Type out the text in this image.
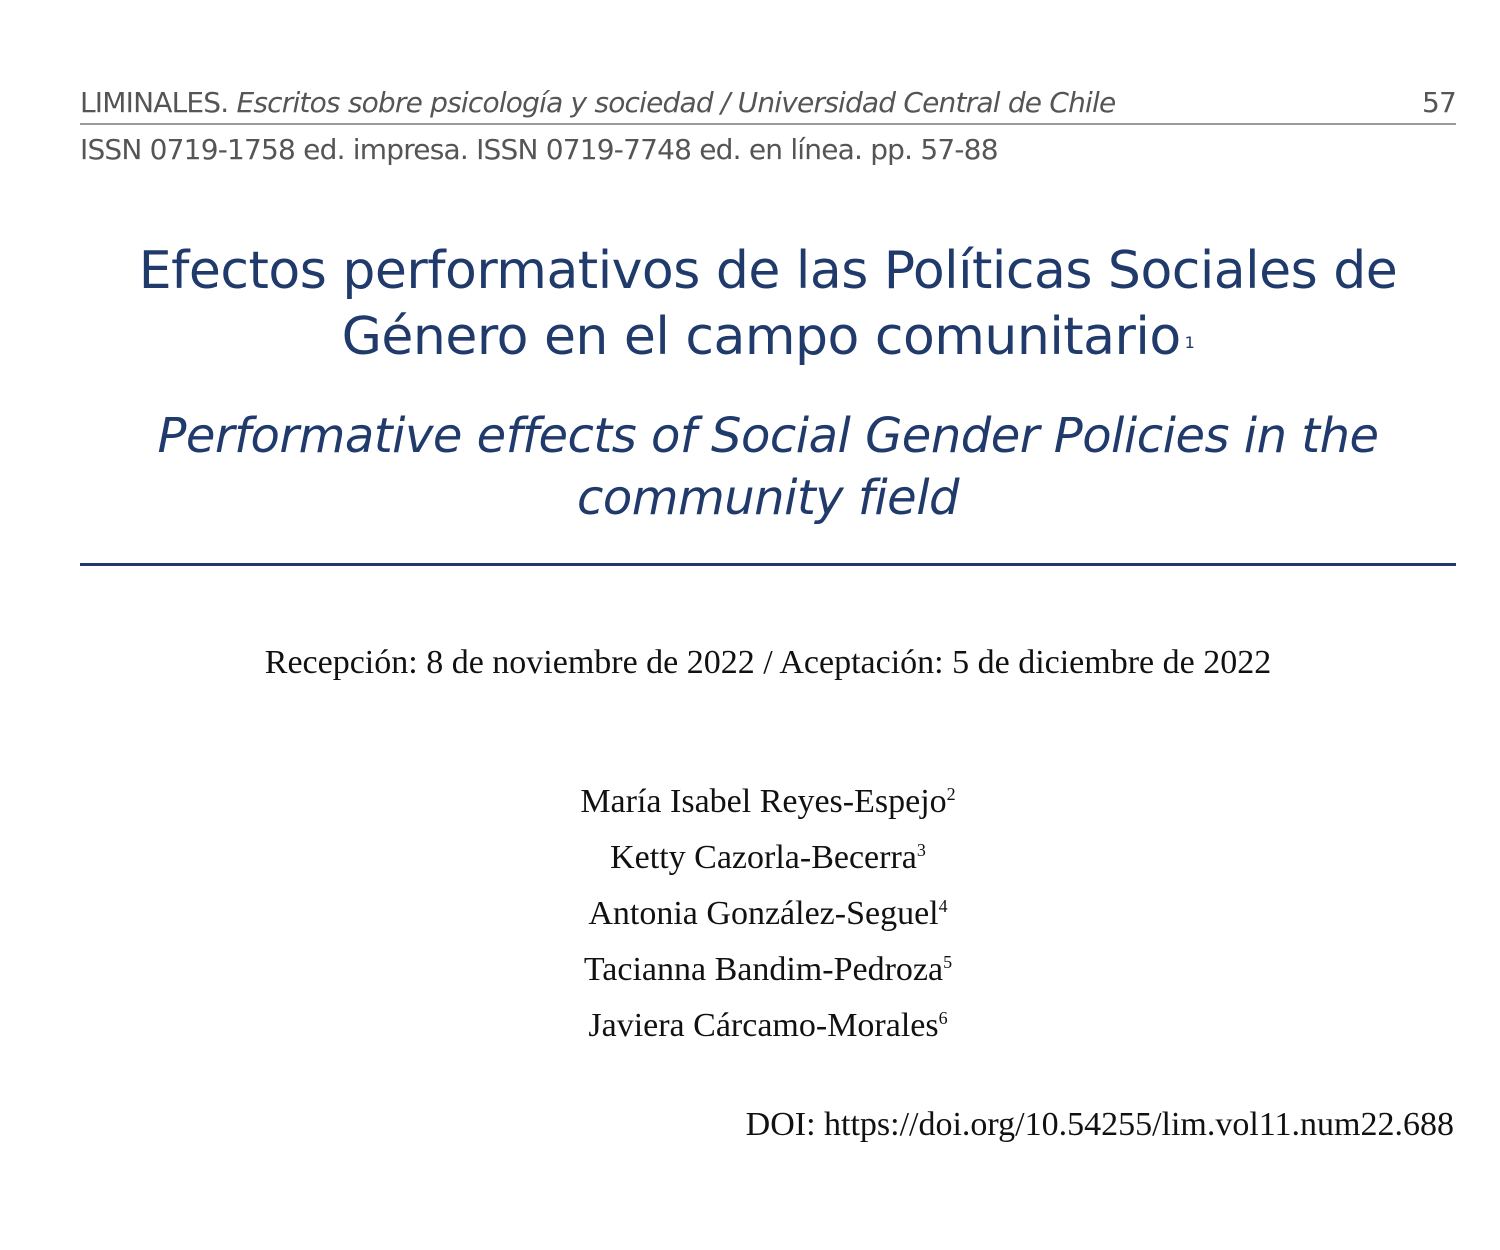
LIMINALES. Escritos sobre psicología y sociedad / Universidad Central de Chile	57
ISSN 0719-1758 ed. impresa. ISSN 0719-7748 ed. en línea. pp. 57-88
Efectos performativos de las Políticas Sociales de
Género en el campo comunitario $^1$
Performative effects of Social Gender Policies in the
community field
Recepción: 8 de noviembre de 2022 / Aceptación: 5 de diciembre de 2022
María Isabel Reyes-Espejo$^2$
Ketty Cazorla-Becerra$^3$
Antonia González-Seguel$^4$
Tacianna Bandim-Pedroza$^5$
Javiera Cárcamo-Morales$^6$
DOI: https://doi.org/10.54255/lim.vol11.num22.688
